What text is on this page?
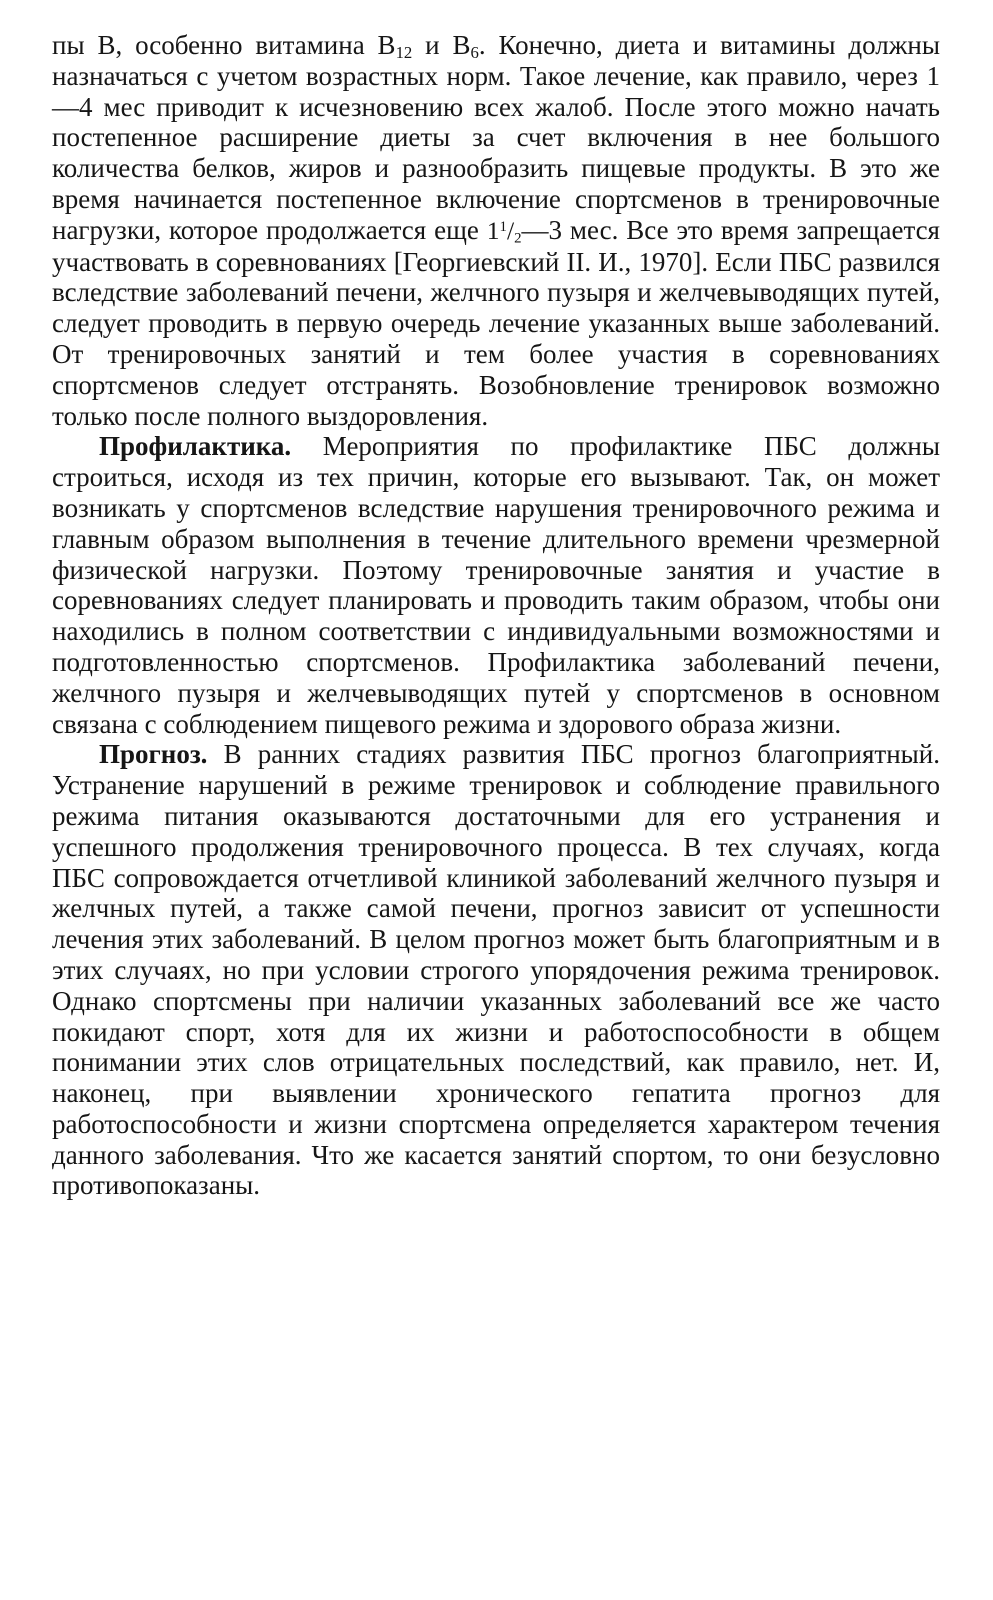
пы В, особенно витамина $В_{12}$ и $В_6$. Конечно, диета и витамины должны назначаться с учетом возрастных норм. Такое лечение, как правило, через 1—4 мес приводит к исчезновению всех жалоб. После этого можно начать постепенное расширение диеты за счет включения в нее большого количества белков, жиров и разнообразить пищевые продукты. В это же время начинается постепенное включение спортсменов в тренировочные нагрузки, которое продолжается еще $1^1/_2—3$ мес. Все это время запрещается участвовать в соревнованиях [Георгиевский II. И., 1970]. Если ПБС развился вследствие заболеваний печени, желчного пузыря и желчевыводящих путей, следует проводить в первую очередь лечение указанных выше заболеваний. От тренировочных занятий и тем более участия в соревнованиях спортсменов следует отстранять. Возобновление тренировок возможно только после полного выздоровления.

Профилактика. Мероприятия по профилактике ПБС должны строиться, исходя из тех причин, которые его вызывают. Так, он может возникать у спортсменов вследствие нарушения тренировочного режима и главным образом выполнения в течение длительного времени чрезмерной физической нагрузки. Поэтому тренировочные занятия и участие в соревнованиях следует планировать и проводить таким образом, чтобы они находились в полном соответствии с индивидуальными возможностями и подготовленностью спортсменов. Профилактика заболеваний печени, желчного пузыря и желчевыводящих путей у спортсменов в основном связана с соблюдением пищевого режима и здорового образа жизни.

Прогноз. В ранних стадиях развития ПБС прогноз благоприятный. Устранение нарушений в режиме тренировок и соблюдение правильного режима питания оказываются достаточными для его устранения и успешного продолжения тренировочного процесса. В тех случаях, когда ПБС сопровождается отчетливой клиникой заболеваний желчного пузыря и желчных путей, а также самой печени, прогноз зависит от успешности лечения этих заболеваний. В целом прогноз может быть благоприятным и в этих случаях, но при условии строгого упорядочения режима тренировок. Однако спортсмены при наличии указанных заболеваний все же часто покидают спорт, хотя для их жизни и работоспособности в общем понимании этих слов отрицательных последствий, как правило, нет. И, наконец, при выявлении хронического гепатита прогноз для работоспособности и жизни спортсмена определяется характером течения данного заболевания. Что же касается занятий спортом, то они безусловно противопоказаны.
